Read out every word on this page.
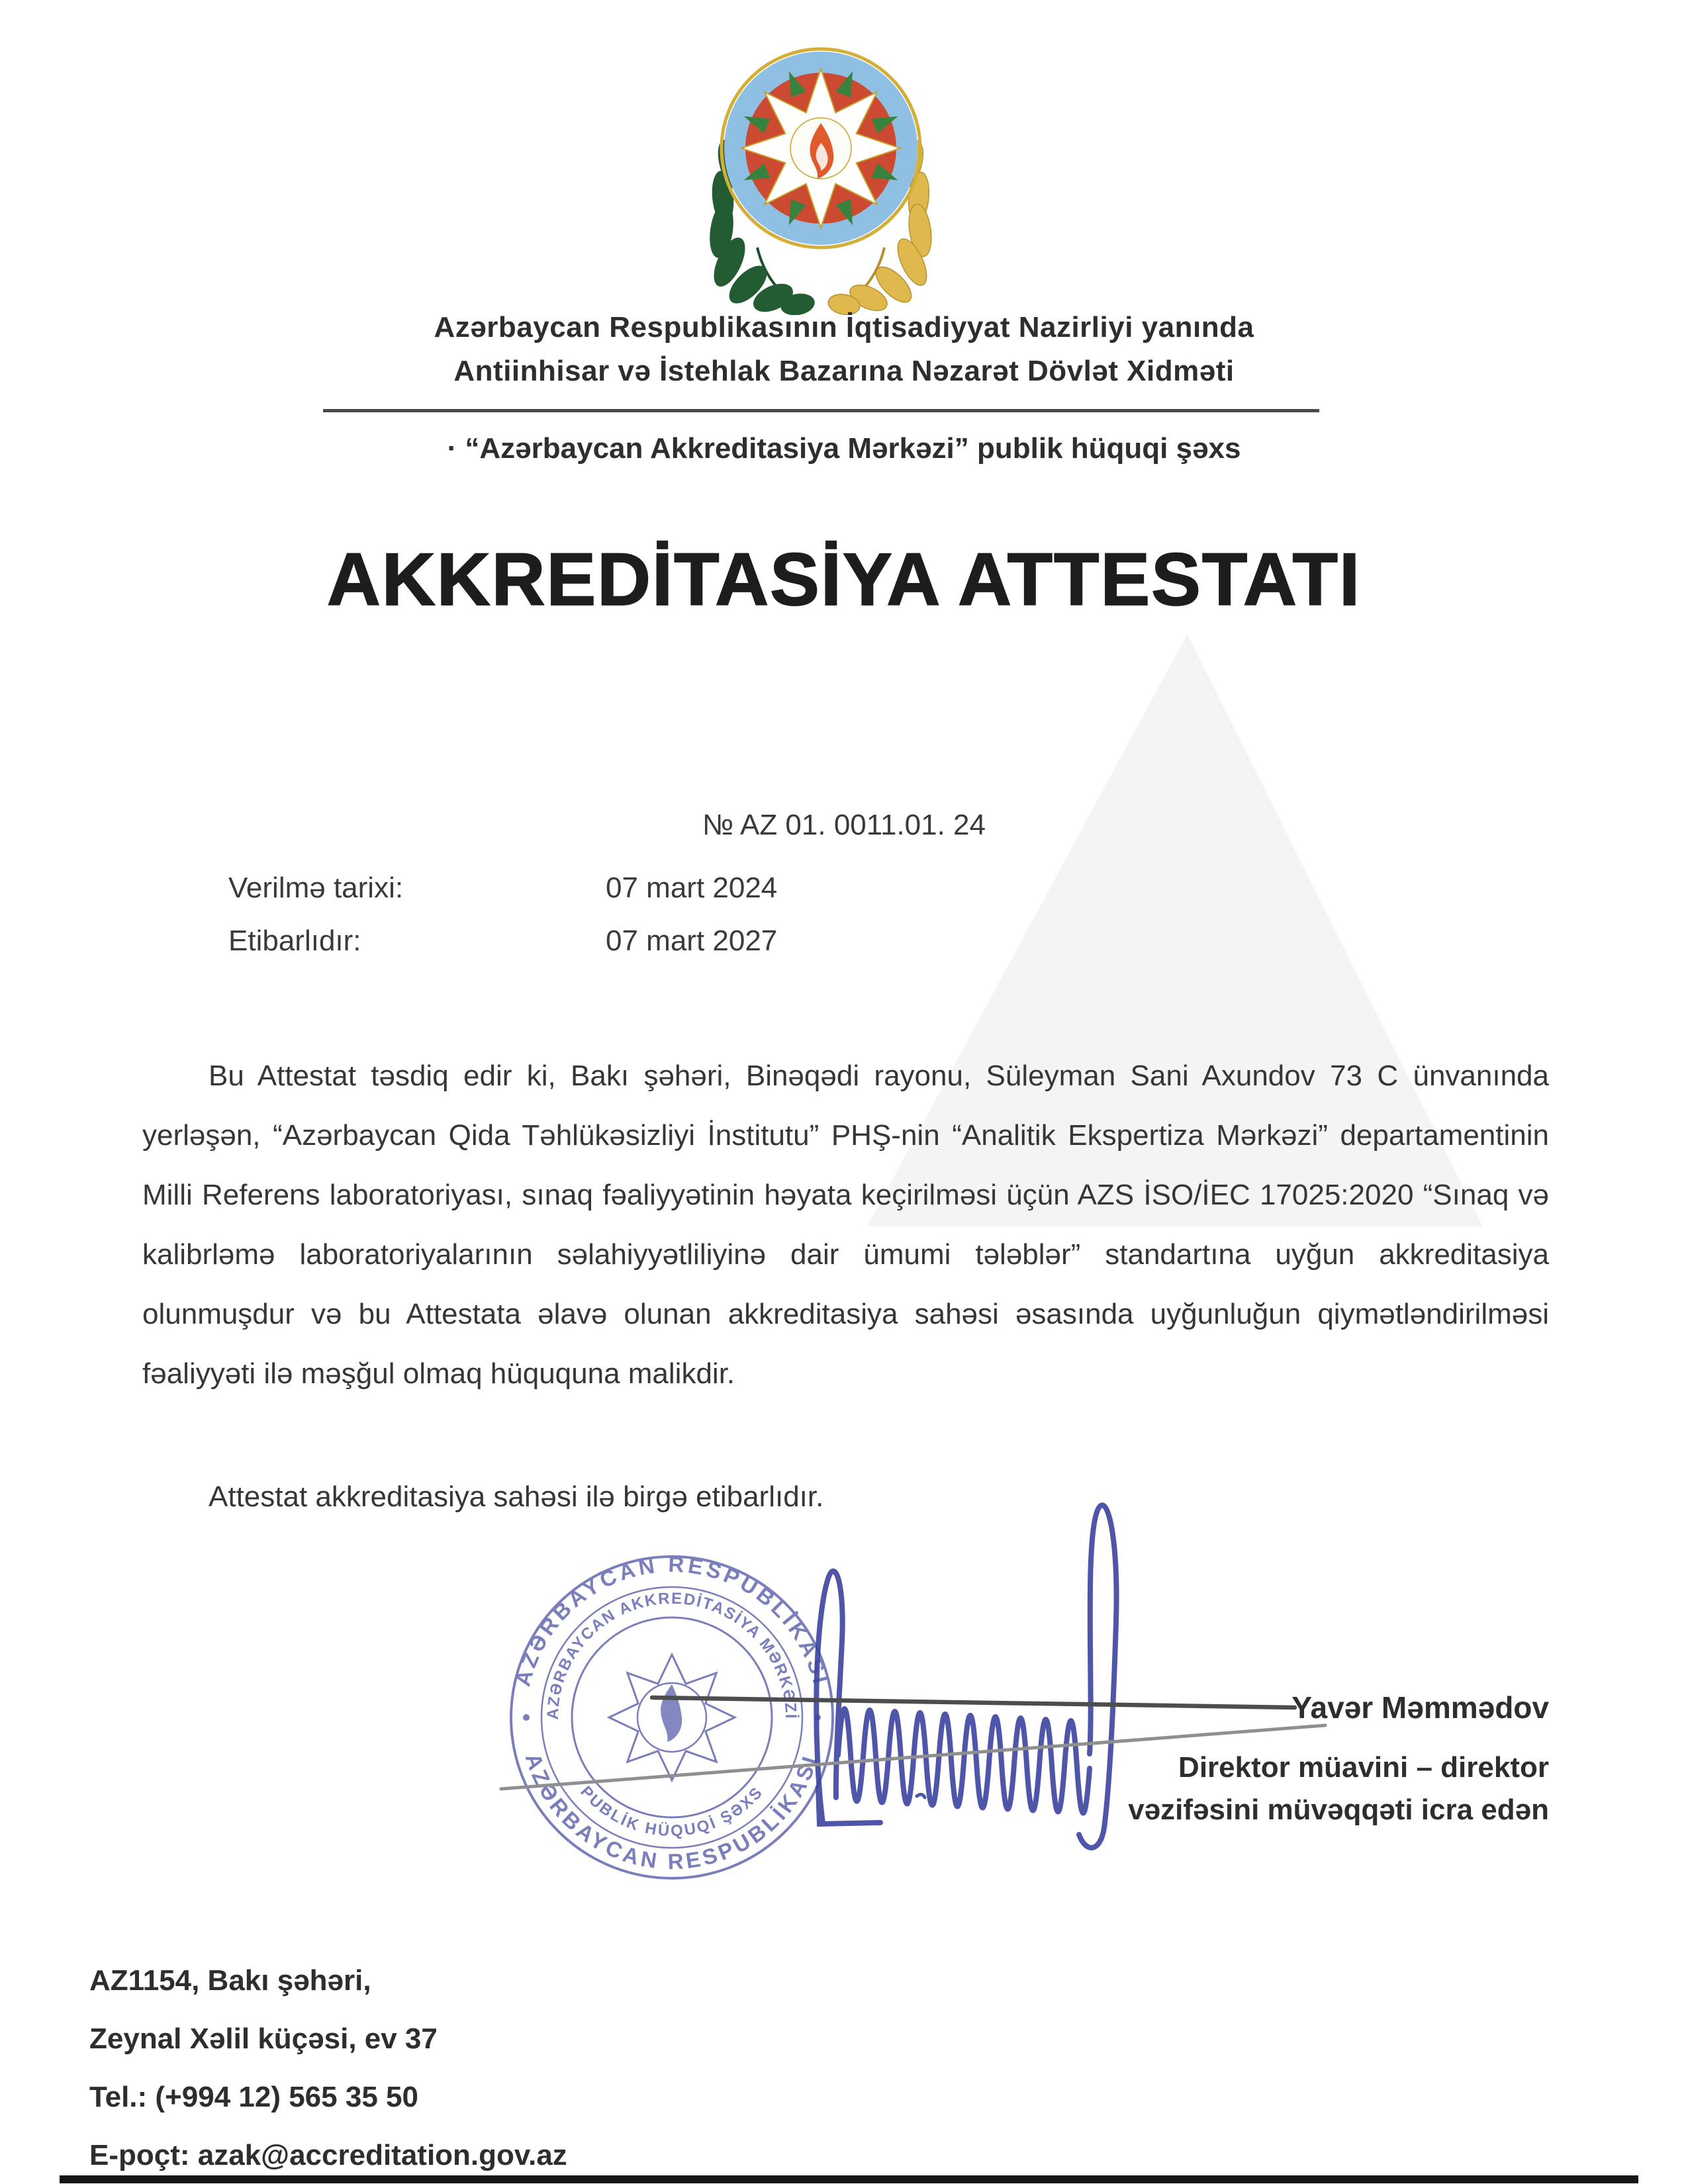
Azərbaycan Respublikasının İqtisadiyyat Nazirliyi yanında
Antiinhisar və İstehlak Bazarına Nəzarət Dövlət Xidməti
· “Azərbaycan Akkreditasiya Mərkəzi” publik hüquqi şəxs
AKKREDİTASİYA ATTESTATI
№ AZ 01. 0011.01. 24
Verilmə tarixi:	07 mart 2024
Etibarlıdır:	07 mart 2027

Bu Attestat təsdiq edir ki, Bakı şəhəri, Binəqədi rayonu, Süleyman Sani Axundov 73 C ünvanında yerləşən, “Azərbaycan Qida Təhlükəsizliyi İnstitutu” PHŞ-nin “Analitik Ekspertiza Mərkəzi” departamentinin Milli Referens laboratoriyası, sınaq fəaliyyətinin həyata keçirilməsi üçün AZS İSO/İEC 17025:2020 “Sınaq və kalibrləmə laboratoriyalarının səlahiyyətliliyinə dair ümumi tələblər” standartına uyğun akkreditasiya olunmuşdur və bu Attestata əlavə olunan akkreditasiya sahəsi əsasında uyğunluğun qiymətləndirilməsi fəaliyyəti ilə məşğul olmaq hüququna malikdir.

Attestat akkreditasiya sahəsi ilə birgə etibarlıdır.

AZƏRBAYCAN RESPUBLİKASI
AZƏRBAYCAN RESPUBLİKASI
AZƏRBAYCAN AKKREDİTASİYA MƏRKƏZİ
PUBLİK HÜQUQİ ŞƏXS
Yavər Məmmədov
Direktor müavini – direktor
vəzifəsini müvəqqəti icra edən
AZ1154, Bakı şəhəri,
Zeynal Xəlil küçəsi, ev 37
Tel.: (+994 12) 565 35 50
E-poçt: azak@accreditation.gov.az
